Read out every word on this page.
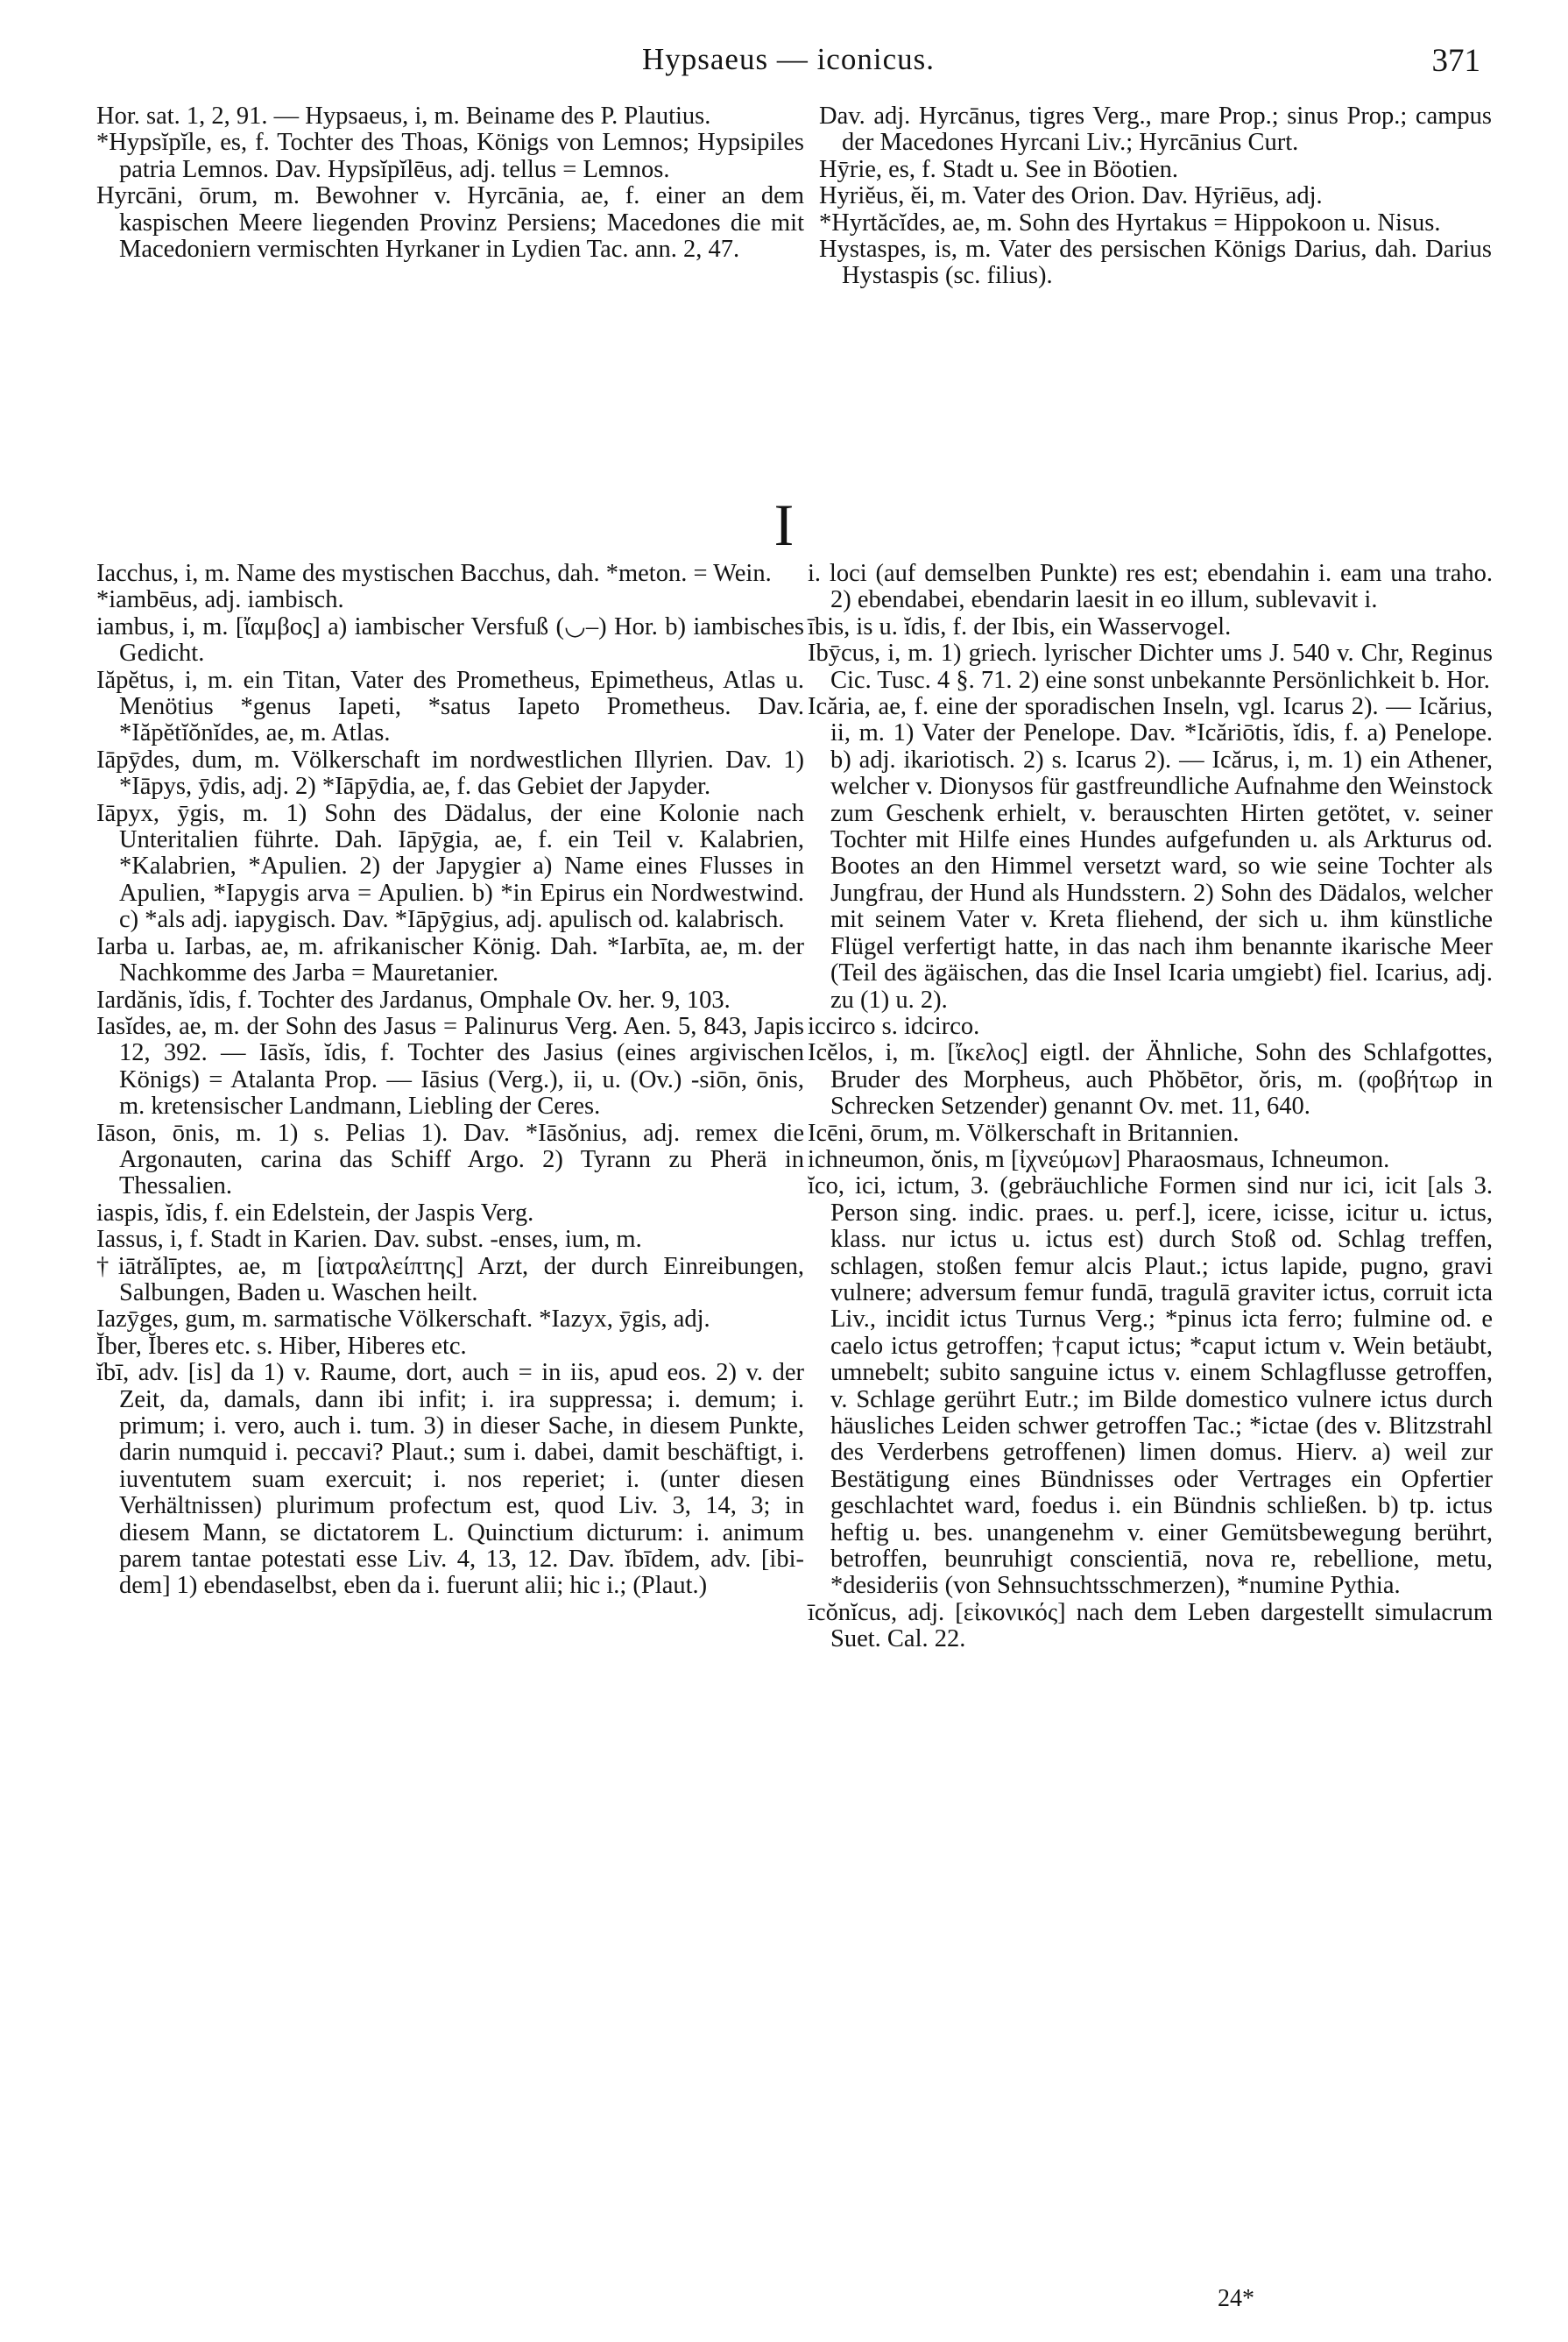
Hypsaeus — iconicus.	371

Hor. sat. 1, 2, 91. — Hypsaeus, i, m. Beiname des P. Plautius.

*Hypsĭpĭle, es, f. Tochter des Thoas, Königs von Lemnos; Hypsipiles patria Lemnos. Dav. Hypsĭpĭlēus, adj. tellus = Lemnos.

Hyrcāni, ōrum, m. Bewohner v. Hyrcānia, ae, f. einer an dem kaspischen Meere liegenden Provinz Persiens; Macedones die mit Macedoniern vermischten Hyrkaner in Lydien Tac. ann. 2, 47.

Dav. adj. Hyrcānus, tigres Verg., mare Prop.; sinus Prop.; campus der Macedones Hyrcani Liv.; Hyrcānius Curt.

Hȳrie, es, f. Stadt u. See in Böotien.

Hyriĕus, ĕi, m. Vater des Orion. Dav. Hȳriēus, adj.

*Hyrtăcĭdes, ae, m. Sohn des Hyrtakus = Hippokoon u. Nisus.

Hystaspes, is, m. Vater des persischen Königs Darius, dah. Darius Hystaspis (sc. filius).

I

Iacchus, i, m. Name des mystischen Bacchus, dah. *meton. = Wein.

*iambēus, adj. iambisch.

iambus, i, m. [ἴαμβος] a) iambischer Versfuß (◡–) Hor. b) iambisches Gedicht.

Iăpĕtus, i, m. ein Titan, Vater des Prometheus, Epimetheus, Atlas u. Menötius *genus Iapeti, *satus Iapeto Prometheus. Dav. *Iăpĕtĭŏnĭdes, ae, m. Atlas.

Iāpȳdes, dum, m. Völkerschaft im nordwestlichen Illyrien. Dav. 1) *Iāpys, ȳdis, adj. 2) *Iāpȳdia, ae, f. das Gebiet der Japyder.

Iāpyx, ȳgis, m. 1) Sohn des Dädalus, der eine Kolonie nach Unteritalien führte. Dah. Iāpȳgia, ae, f. ein Teil v. Kalabrien, *Kalabrien, *Apulien. 2) der Japygier a) Name eines Flusses in Apulien, *Iapygis arva = Apulien. b) *in Epirus ein Nordwestwind. c) *als adj. iapygisch. Dav. *Iāpȳgius, adj. apulisch od. kalabrisch.

Iarba u. Iarbas, ae, m. afrikanischer König. Dah. *Iarbīta, ae, m. der Nachkomme des Jarba = Mauretanier.

Iardănis, ĭdis, f. Tochter des Jardanus, Omphale Ov. her. 9, 103.

Iasĭdes, ae, m. der Sohn des Jasus = Palinurus Verg. Aen. 5, 843, Japis 12, 392. — Iāsĭs, ĭdis, f. Tochter des Jasius (eines argivischen Königs) = Atalanta Prop. — Iāsius (Verg.), ii, u. (Ov.) -siōn, ōnis, m. kretensischer Landmann, Liebling der Ceres.

Iāson, ōnis, m. 1) s. Pelias 1). Dav. *Iāsŏnius, adj. remex die Argonauten, carina das Schiff Argo. 2) Tyrann zu Pherä in Thessalien.

iaspis, ĭdis, f. ein Edelstein, der Jaspis Verg.

Iassus, i, f. Stadt in Karien. Dav. subst. -enses, ium, m.

†iātrălīptes, ae, m [ἰατραλείπτης] Arzt, der durch Einreibungen, Salbungen, Baden u. Waschen heilt.

Iazȳges, gum, m. sarmatische Völkerschaft. *Iazyx, ȳgis, adj.

Ĭber, Ĭberes etc. s. Hiber, Hiberes etc.

ĭbī, adv. [is] da 1) v. Raume, dort, auch = in iis, apud eos. 2) v. der Zeit, da, damals, dann ibi infit; i. ira suppressa; i. demum; i. primum; i. vero, auch i. tum. 3) in dieser Sache, in diesem Punkte, darin numquid i. peccavi? Plaut.; sum i. dabei, damit beschäftigt, i. iuventutem suam exercuit; i. nos reperiet; i. (unter diesen Verhältnissen) plurimum profectum est, quod Liv. 3, 14, 3; in diesem Mann, se dictatorem L. Quinctium dicturum: i. animum parem tantae potestati esse Liv. 4, 13, 12. Dav. ĭbīdem, adv. [ibi-dem] 1) ebendaselbst, eben da i. fuerunt alii; hic i.; (Plaut.)

i. loci (auf demselben Punkte) res est; ebendahin i. eam una traho. 2) ebendabei, ebendarin laesit in eo illum, sublevavit i.

ībis, is u. ĭdis, f. der Ibis, ein Wasservogel.

Ibȳcus, i, m. 1) griech. lyrischer Dichter ums J. 540 v. Chr, Reginus Cic. Tusc. 4 §. 71. 2) eine sonst unbekannte Persönlichkeit b. Hor.

Icăria, ae, f. eine der sporadischen Inseln, vgl. Icarus 2). — Icărius, ii, m. 1) Vater der Penelope. Dav. *Icăriōtis, ĭdis, f. a) Penelope. b) adj. ikariotisch. 2) s. Icarus 2). — Icărus, i, m. 1) ein Athener, welcher v. Dionysos für gastfreundliche Aufnahme den Weinstock zum Geschenk erhielt, v. berauschten Hirten getötet, v. seiner Tochter mit Hilfe eines Hundes aufgefunden u. als Arkturus od. Bootes an den Himmel versetzt ward, so wie seine Tochter als Jungfrau, der Hund als Hundsstern. 2) Sohn des Dädalos, welcher mit seinem Vater v. Kreta fliehend, der sich u. ihm künstliche Flügel verfertigt hatte, in das nach ihm benannte ikarische Meer (Teil des ägäischen, das die Insel Icaria umgiebt) fiel. Icarius, adj. zu (1) u. 2).

iccirco s. idcirco.

Icĕlos, i, m. [ἴκελος] eigtl. der Ähnliche, Sohn des Schlafgottes, Bruder des Morpheus, auch Phŏbētor, ŏris, m. (φοβήτωρ in Schrecken Setzender) genannt Ov. met. 11, 640.

Icēni, ōrum, m. Völkerschaft in Britannien.

ichneumon, ŏnis, m [ἰχνεύμων] Pharaosmaus, Ichneumon.

ĭco, ici, ictum, 3. (gebräuchliche Formen sind nur ici, icit [als 3. Person sing. indic. praes. u. perf.], icere, icisse, icitur u. ictus, klass. nur ictus u. ictus est) durch Stoß od. Schlag treffen, schlagen, stoßen femur alcis Plaut.; ictus lapide, pugno, gravi vulnere; adversum femur fundā, tragulā graviter ictus, corruit icta Liv., incidit ictus Turnus Verg.; *pinus icta ferro; fulmine od. e caelo ictus getroffen; †caput ictus; *caput ictum v. Wein betäubt, umnebelt; subito sanguine ictus v. einem Schlagflusse getroffen, v. Schlage gerührt Eutr.; im Bilde domestico vulnere ictus durch häusliches Leiden schwer getroffen Tac.; *ictae (des v. Blitzstrahl des Verderbens getroffenen) limen domus. Hierv. a) weil zur Bestätigung eines Bündnisses oder Vertrages ein Opfertier geschlachtet ward, foedus i. ein Bündnis schließen. b) tp. ictus heftig u. bes. unangenehm v. einer Gemütsbewegung berührt, betroffen, beunruhigt conscientiā, nova re, rebellione, metu, *desideriis (von Sehnsuchtsschmerzen), *numine Pythia.

īcŏnĭcus, adj. [εἰκονικός] nach dem Leben dargestellt simulacrum Suet. Cal. 22.

24*
